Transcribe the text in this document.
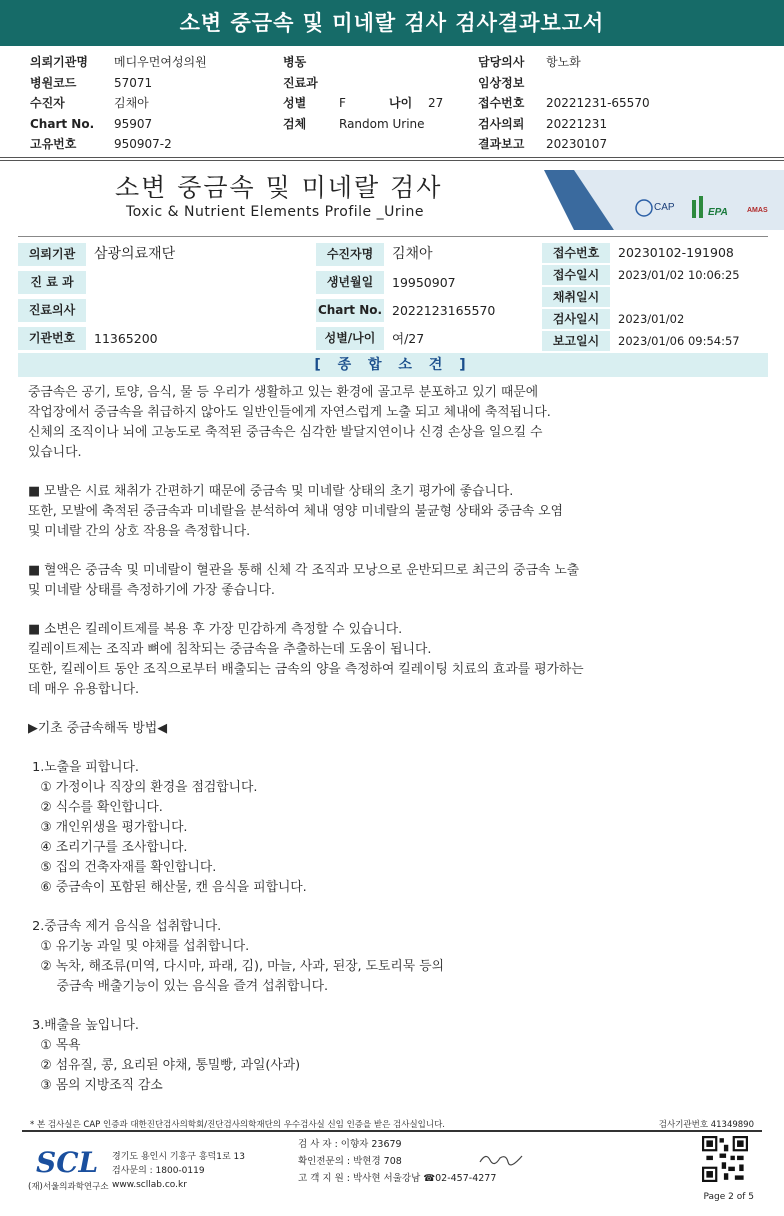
소변 중금속 및 미네랄 검사 검사결과보고서
의뢰기관명 메디우먼여성의원
병원코드	57071
수진자	김채아
Chart No. 95907
고유번호	950907-2
병동
진료과
성별	F	나이 27
검체	Random Urine
담당의사 항노화
임상정보
접수번호 20221231-65570
검사의뢰 20221231
결과보고 20230107
소변 중금속 및 미네랄 검사
Toxic & Nutrient Elements Profile _Urine	CAP	EPA	AMAS
의뢰기관	삼광의료재단
진 료 과
진료의사
기관번호	11365200
수진자명	김채아
생년월일	19950907
Chart No. 2022123165570
성별/나이	여/27
접수번호	20230102-191908
접수일시	2023/01/02 10:06:25
채취일시
검사일시	2023/01/02
보고일시	2023/01/06 09:54:57
[ 종 합 소 견 ]

중금속은 공기, 토양, 음식, 물 등 우리가 생활하고 있는 환경에 골고루 분포하고 있기 때문에

작업장에서 중금속을 취급하지 않아도 일반인들에게 자연스럽게 노출 되고 체내에 축적됩니다.

신체의 조직이나 뇌에 고농도로 축적된 중금속은 심각한 발달지연이나 신경 손상을 일으킬 수

있습니다.

■ 모발은 시료 채취가 간편하기 때문에 중금속 및 미네랄 상태의 초기 평가에 좋습니다.

또한, 모발에 축적된 중금속과 미네랄을 분석하여 체내 영양 미네랄의 불균형 상태와 중금속 오염

및 미네랄 간의 상호 작용을 측정합니다.

■ 혈액은 중금속 및 미네랄이 혈관을 통해 신체 각 조직과 모낭으로 운반되므로 최근의 중금속 노출

및 미네랄 상태를 측정하기에 가장 좋습니다.

■ 소변은 킬레이트제를 복용 후 가장 민감하게 측정할 수 있습니다.

킬레이트제는 조직과 뼈에 침착되는 중금속을 추출하는데 도움이 됩니다.

또한, 킬레이트 동안 조직으로부터 배출되는 금속의 양을 측정하여 킬레이팅 치료의 효과를 평가하는

데 매우 유용합니다.

▶기초 중금속해독 방법◀

1.노출을 피합니다.

① 가정이나 직장의 환경을 점검합니다.

② 식수를 확인합니다.

③ 개인위생을 평가합니다.

④ 조리기구를 조사합니다.

⑤ 집의 건축자재를 확인합니다.

⑥ 중금속이 포함된 해산물, 캔 음식을 피합니다.

2.중금속 제거 음식을 섭취합니다.

① 유기농 과일 및 야채를 섭취합니다.

② 녹차, 해조류(미역, 다시마, 파래, 김), 마늘, 사과, 된장, 도토리묵 등의

중금속 배출기능이 있는 음식을 즐겨 섭취합니다.

3.배출을 높입니다.

① 목욕

② 섬유질, 콩, 요리된 야채, 통밀빵, 과일(사과)

③ 몸의 지방조직 감소

* 본 검사실은 CAP 인증과 대한진단검사의학회/진단검사의학재단의 우수검사실 신임 인증을 받은 검사실입니다.	검사기관번호 41349890
SCL
(재)서울의과학연구소
경기도 용인시 기흥구 흥덕1로 13
검사문의 : 1800-0119
www.scllab.co.kr
검 사 자 : 이향자 23679
확인전문의 : 박현경 708
고 객 지 원 : 박사현 서울강남 ☎02-457-4277
Page 2 of 5
